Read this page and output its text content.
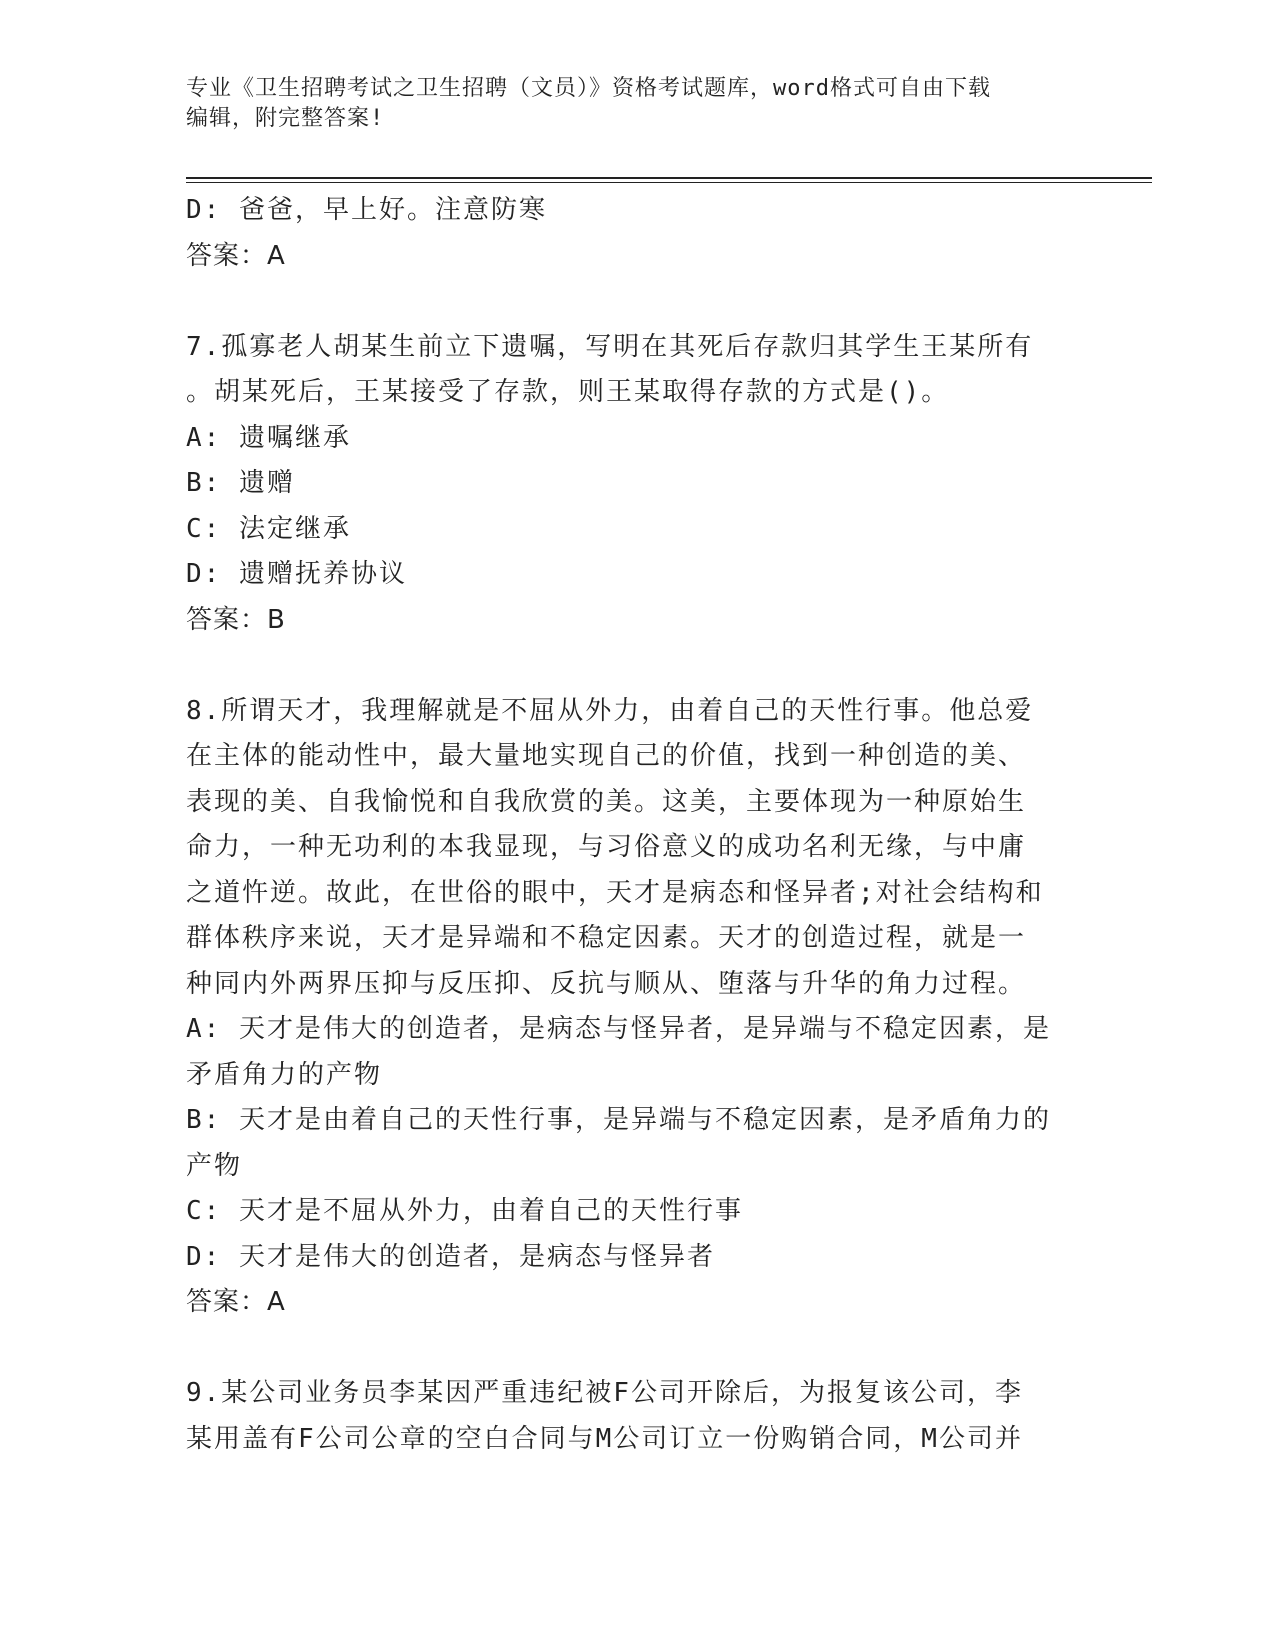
专业《卫生招聘考试之卫生招聘（文员）》资格考试题库，word格式可自由下载
编辑，附完整答案!
D: 爸爸，早上好。注意防寒
答案：A
7.孤寡老人胡某生前立下遗嘱，写明在其死后存款归其学生王某所有
。胡某死后，王某接受了存款，则王某取得存款的方式是()。
A: 遗嘱继承
B: 遗赠
C: 法定继承
D: 遗赠抚养协议
答案：B
8.所谓天才，我理解就是不屈从外力，由着自己的天性行事。他总爱
在主体的能动性中，最大量地实现自己的价值，找到一种创造的美、
表现的美、自我愉悦和自我欣赏的美。这美，主要体现为一种原始生
命力，一种无功利的本我显现，与习俗意义的成功名利无缘，与中庸
之道忤逆。故此，在世俗的眼中，天才是病态和怪异者;对社会结构和
群体秩序来说，天才是异端和不稳定因素。天才的创造过程，就是一
种同内外两界压抑与反压抑、反抗与顺从、堕落与升华的角力过程。
A: 天才是伟大的创造者，是病态与怪异者，是异端与不稳定因素，是
矛盾角力的产物
B: 天才是由着自己的天性行事，是异端与不稳定因素，是矛盾角力的
产物
C: 天才是不屈从外力，由着自己的天性行事
D: 天才是伟大的创造者，是病态与怪异者
答案：A
9.某公司业务员李某因严重违纪被F公司开除后，为报复该公司，李
某用盖有F公司公章的空白合同与M公司订立一份购销合同，M公司并
